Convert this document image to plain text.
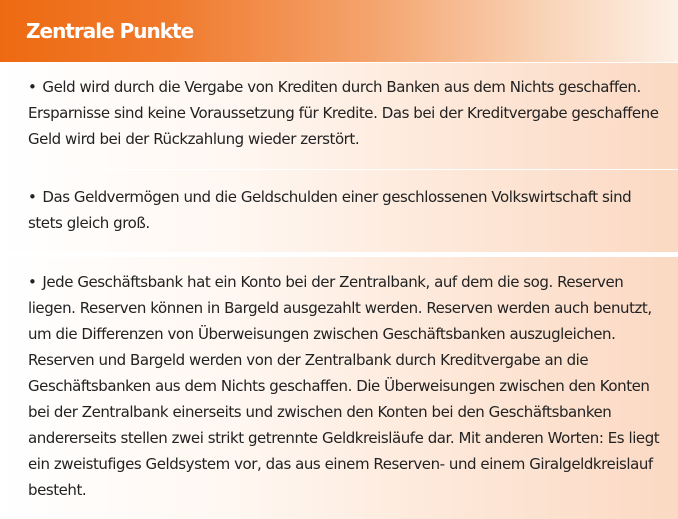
Zentrale Punkte
• Geld wird durch die Vergabe von Krediten durch Banken aus dem Nichts geschaffen. Ersparnisse sind keine Voraussetzung für Kredite. Das bei der Kreditvergabe geschaffene Geld wird bei der Rückzahlung wieder zerstört.
• Das Geldvermögen und die Geldschulden einer geschlossenen Volkswirtschaft sind stets gleich groß.
• Jede Geschäftsbank hat ein Konto bei der Zentralbank, auf dem die sog. Reserven liegen. Reserven können in Bargeld ausgezahlt werden. Reserven werden auch benutzt, um die Differenzen von Überweisungen zwischen Geschäftsbanken auszugleichen. Reserven und Bargeld werden von der Zentralbank durch Kreditvergabe an die Geschäftsbanken aus dem Nichts geschaffen. Die Überweisungen zwischen den Konten bei der Zentralbank einerseits und zwischen den Konten bei den Geschäftsbanken andererseits stellen zwei strikt getrennte Geldkreisläufe dar. Mit anderen Worten: Es liegt ein zweistufiges Geldsystem vor, das aus einem Reserven- und einem Giralgeldkreislauf besteht.
